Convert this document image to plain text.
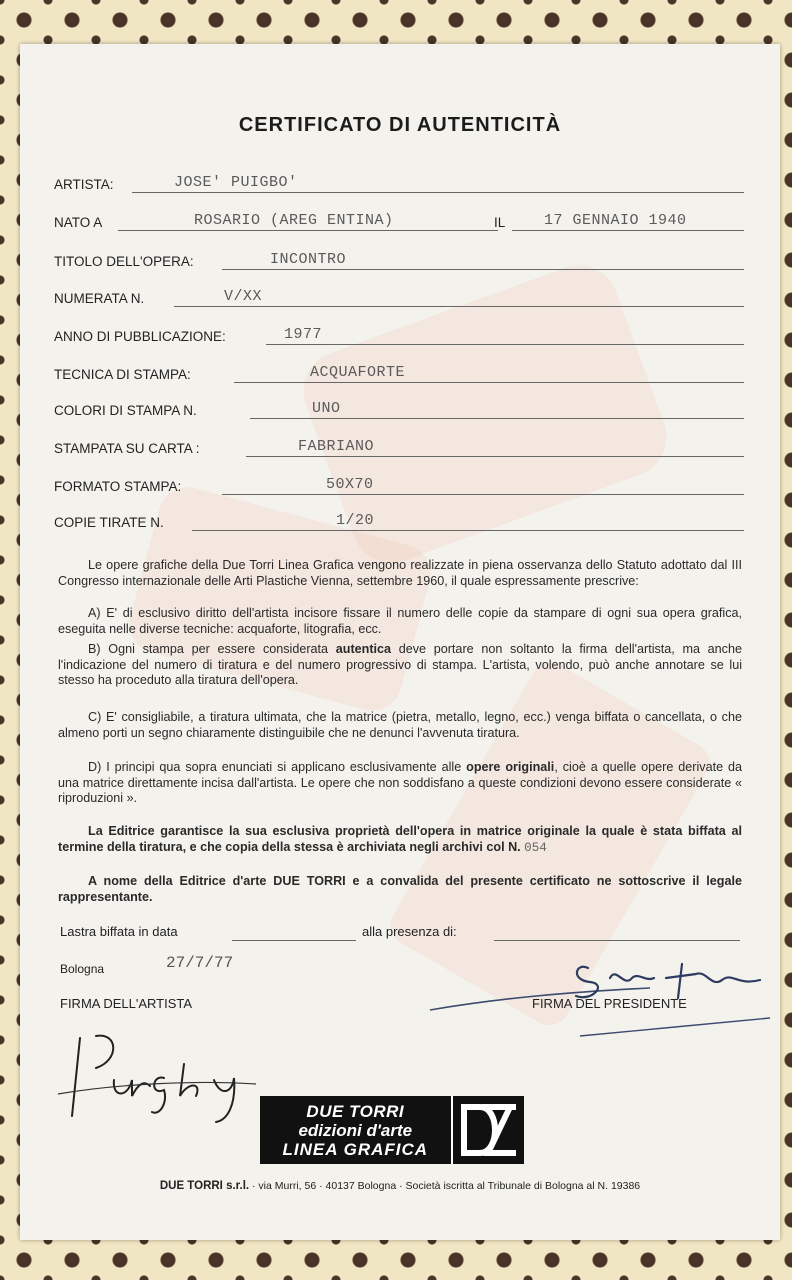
CERTIFICATO DI AUTENTICITÀ
ARTISTA:	JOSE' PUIGBO'
NATO A	ROSARIO (AREG ENTINA)	IL	17 GENNAIO 1940
TITOLO DELL'OPERA:	INCONTRO
NUMERATA N.	V/XX
ANNO DI PUBBLICAZIONE:	1977
TECNICA DI STAMPA:	ACQUAFORTE
COLORI DI STAMPA N.	UNO
STAMPATA SU CARTA :	FABRIANO
FORMATO STAMPA:	50X70
COPIE TIRATE N.	1/20
Le opere grafiche della Due Torri Linea Grafica vengono realizzate in piena osservanza dello Statuto adottato dal III Congresso internazionale delle Arti Plastiche Vienna, settembre 1960, il quale espressamente prescrive:
A) E' di esclusivo diritto dell'artista incisore fissare il numero delle copie da stampare di ogni sua opera grafica, eseguita nelle diverse tecniche: acquaforte, litografia, ecc.
B) Ogni stampa per essere considerata autentica deve portare non soltanto la firma dell'artista, ma anche l'indicazione del numero di tiratura e del numero progressivo di stampa. L'artista, volendo, può anche annotare se lui stesso ha proceduto alla tiratura dell'opera.
C) E' consigliabile, a tiratura ultimata, che la matrice (pietra, metallo, legno, ecc.) venga biffata o cancellata, o che almeno porti un segno chiaramente distinguibile che ne denunci l'avvenuta tiratura.
D) I principi qua sopra enunciati si applicano esclusivamente alle opere originali, cioè a quelle opere derivate da una matrice direttamente incisa dall'artista. Le opere che non soddisfano a queste condizioni devono essere considerate « riproduzioni ».
La Editrice garantisce la sua esclusiva proprietà dell'opera in matrice originale la quale è stata biffata al termine della tiratura, e che copia della stessa è archiviata negli archivi col N. 054
A nome della Editrice d'arte DUE TORRI e a convalida del presente certificato ne sottoscrive il legale rappresentante.
Lastra biffata in data	alla presenza di:
Bologna	27/7/77
FIRMA DELL'ARTISTA	FIRMA DEL PRESIDENTE
DUE TORRI
edizioni d'arte
LINEA GRAFICA
DUE TORRI s.r.l. · via Murri, 56 · 40137 Bologna · Società iscritta al Tribunale di Bologna al N. 19386
